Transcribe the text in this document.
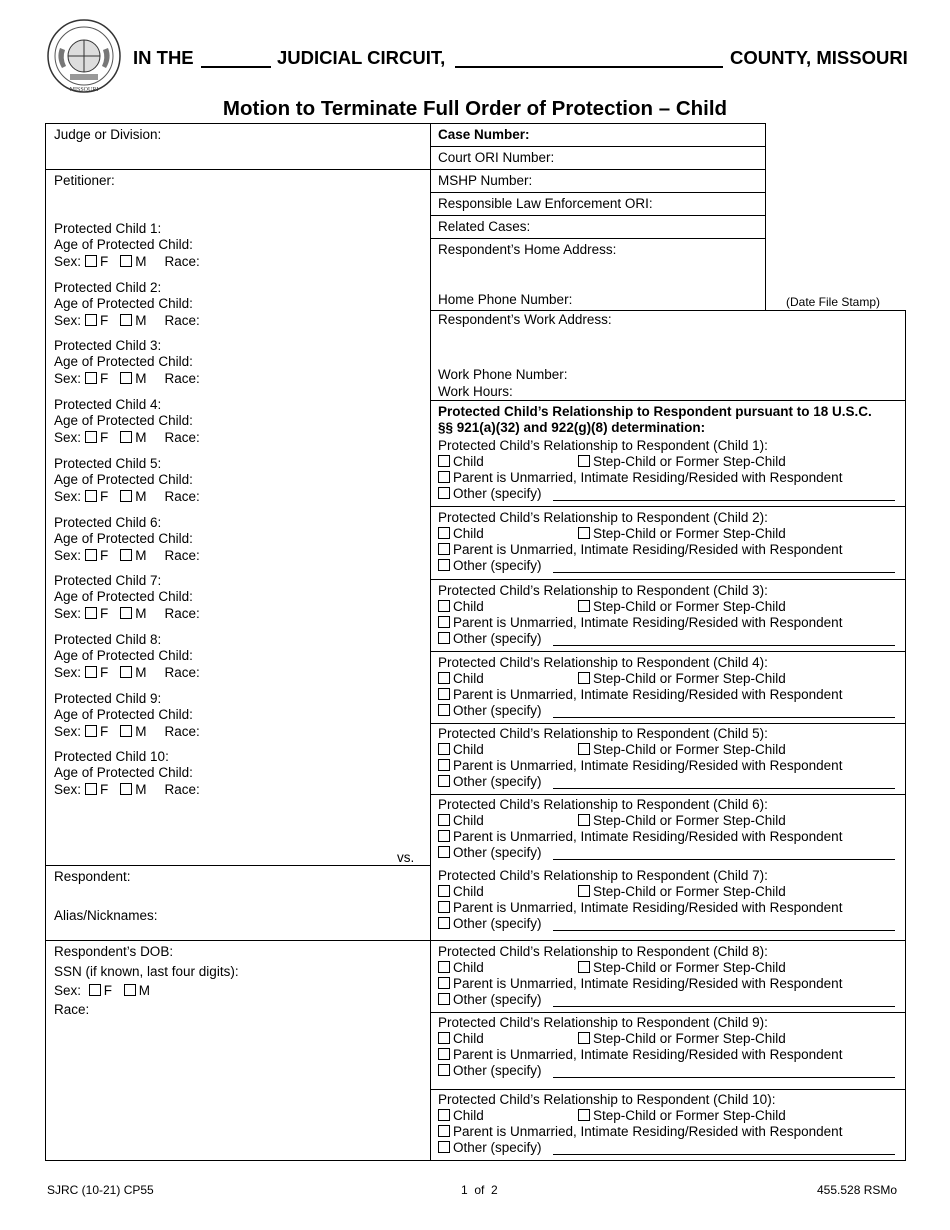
MISSOURI
IN THE	JUDICIAL CIRCUIT,	COUNTY, MISSOURI
Motion to Terminate Full Order of Protection – Child
Judge or Division:
Petitioner:
Protected Child 1:
Age of Protected Child:
Sex: F M Race:
Protected Child 2:
Age of Protected Child:
Sex: F M Race:
Protected Child 3:
Age of Protected Child:
Sex: F M Race:
Protected Child 4:
Age of Protected Child:
Sex: F M Race:
Protected Child 5:
Age of Protected Child:
Sex: F M Race:
Protected Child 6:
Age of Protected Child:
Sex: F M Race:
Protected Child 7:
Age of Protected Child:
Sex: F M Race:
Protected Child 8:
Age of Protected Child:
Sex: F M Race:
Protected Child 9:
Age of Protected Child:
Sex: F M Race:
Protected Child 10:
Age of Protected Child:
Sex: F M Race:
vs.
Respondent:
Alias/Nicknames:
Respondent’s DOB:
SSN (if known, last four digits):
Sex: F M
Race:
Case Number:
Court ORI Number:
MSHP Number:
Responsible Law Enforcement ORI:
Related Cases:
Respondent’s Home Address:
Home Phone Number:	(Date File Stamp)
Respondent’s Work Address:
Work Phone Number:
Work Hours:
Protected Child’s Relationship to Respondent pursuant to 18 U.S.C.
§§ 921(a)(32) and 922(g)(8) determination:
Protected Child’s Relationship to Respondent (Child 1):
Child	Step-Child or Former Step-Child
Parent is Unmarried, Intimate Residing/Resided with Respondent
Other (specify)
Protected Child’s Relationship to Respondent (Child 2):
Child	Step-Child or Former Step-Child
Parent is Unmarried, Intimate Residing/Resided with Respondent
Other (specify)
Protected Child’s Relationship to Respondent (Child 3):
Child	Step-Child or Former Step-Child
Parent is Unmarried, Intimate Residing/Resided with Respondent
Other (specify)
Protected Child’s Relationship to Respondent (Child 4):
Child	Step-Child or Former Step-Child
Parent is Unmarried, Intimate Residing/Resided with Respondent
Other (specify)
Protected Child’s Relationship to Respondent (Child 5):
Child	Step-Child or Former Step-Child
Parent is Unmarried, Intimate Residing/Resided with Respondent
Other (specify)
Protected Child’s Relationship to Respondent (Child 6):
Child	Step-Child or Former Step-Child
Parent is Unmarried, Intimate Residing/Resided with Respondent
Other (specify)
Protected Child’s Relationship to Respondent (Child 7):
Child	Step-Child or Former Step-Child
Parent is Unmarried, Intimate Residing/Resided with Respondent
Other (specify)
Protected Child’s Relationship to Respondent (Child 8):
Child	Step-Child or Former Step-Child
Parent is Unmarried, Intimate Residing/Resided with Respondent
Other (specify)
Protected Child’s Relationship to Respondent (Child 9):
Child	Step-Child or Former Step-Child
Parent is Unmarried, Intimate Residing/Resided with Respondent
Other (specify)
Protected Child’s Relationship to Respondent (Child 10):
Child	Step-Child or Former Step-Child
Parent is Unmarried, Intimate Residing/Resided with Respondent
Other (specify)
SJRC (10-21) CP55	1  of  2	455.528 RSMo
